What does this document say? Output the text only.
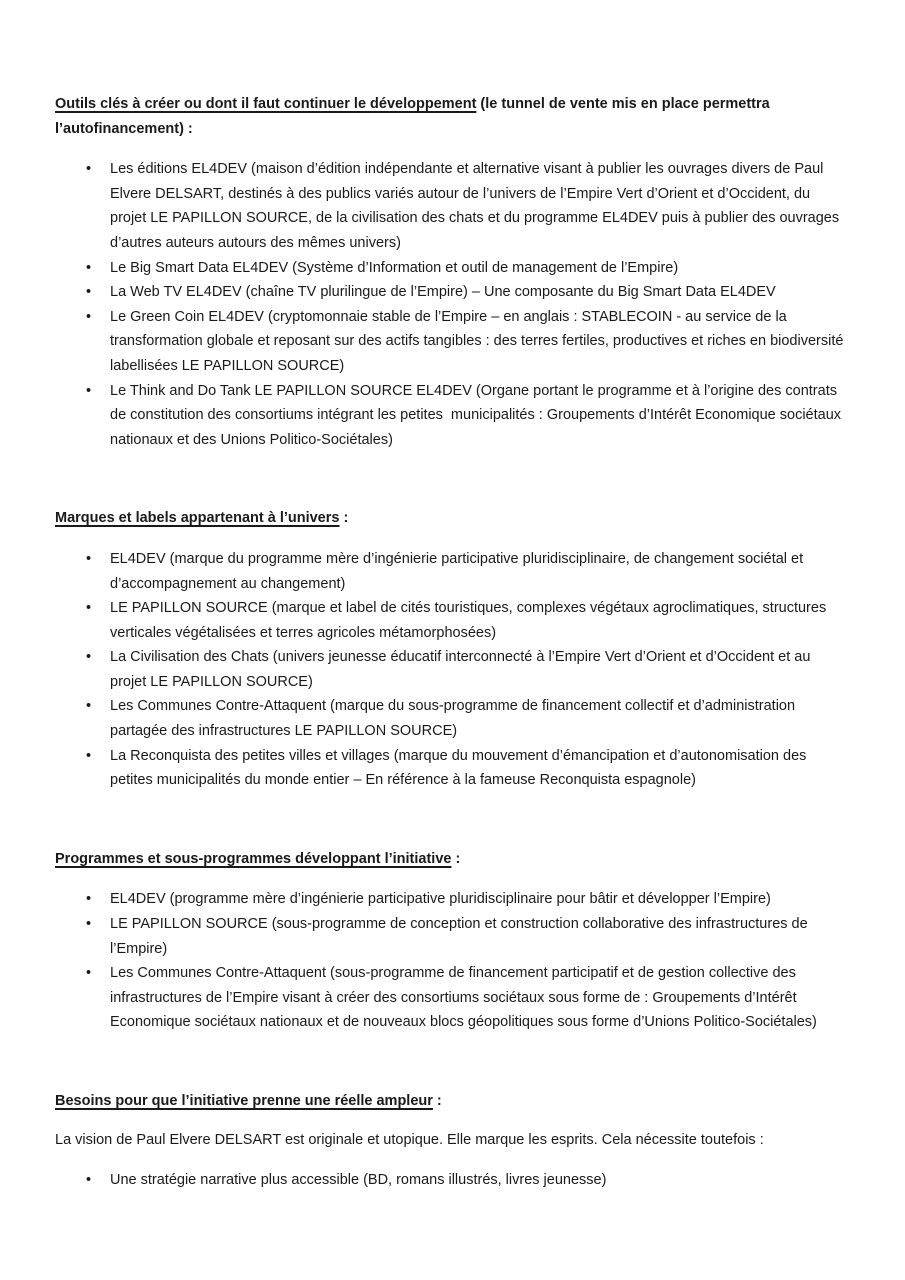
Outils clés à créer ou dont il faut continuer le développement (le tunnel de vente mis en place permettra l’autofinancement) :
•	Les éditions EL4DEV (maison d’édition indépendante et alternative visant à publier les ouvrages divers de Paul Elvere DELSART, destinés à des publics variés autour de l’univers de l’Empire Vert d’Orient et d’Occident, du projet LE PAPILLON SOURCE, de la civilisation des chats et du programme EL4DEV puis à publier des ouvrages d’autres auteurs autours des mêmes univers)
•	Le Big Smart Data EL4DEV (Système d’Information et outil de management de l’Empire)
•	La Web TV EL4DEV (chaîne TV plurilingue de l’Empire) – Une composante du Big Smart Data EL4DEV
•	Le Green Coin EL4DEV (cryptomonnaie stable de l’Empire – en anglais : STABLECOIN - au service de la transformation globale et reposant sur des actifs tangibles : des terres fertiles, productives et riches en biodiversité labellisées LE PAPILLON SOURCE)
•	Le Think and Do Tank LE PAPILLON SOURCE EL4DEV (Organe portant le programme et à l’origine des contrats de constitution des consortiums intégrant les petites  municipalités : Groupements d’Intérêt Economique sociétaux nationaux et des Unions Politico-Sociétales)
Marques et labels appartenant à l’univers :
•	EL4DEV (marque du programme mère d’ingénierie participative pluridisciplinaire, de changement sociétal et d’accompagnement au changement)
•	LE PAPILLON SOURCE (marque et label de cités touristiques, complexes végétaux agroclimatiques, structures verticales végétalisées et terres agricoles métamorphosées)
•	La Civilisation des Chats (univers jeunesse éducatif interconnecté à l’Empire Vert d’Orient et d’Occident et au projet LE PAPILLON SOURCE)
•	Les Communes Contre-Attaquent (marque du sous-programme de financement collectif et d’administration partagée des infrastructures LE PAPILLON SOURCE)
•	La Reconquista des petites villes et villages (marque du mouvement d’émancipation et d’autonomisation des petites municipalités du monde entier – En référence à la fameuse Reconquista espagnole)
Programmes et sous-programmes développant l’initiative :
•	EL4DEV (programme mère d’ingénierie participative pluridisciplinaire pour bâtir et développer l’Empire)
•	LE PAPILLON SOURCE (sous-programme de conception et construction collaborative des infrastructures de l’Empire)
•	Les Communes Contre-Attaquent (sous-programme de financement participatif et de gestion collective des infrastructures de l’Empire visant à créer des consortiums sociétaux sous forme de : Groupements d’Intérêt Economique sociétaux nationaux et de nouveaux blocs géopolitiques sous forme d’Unions Politico-Sociétales)
Besoins pour que l’initiative prenne une réelle ampleur :

La vision de Paul Elvere DELSART est originale et utopique. Elle marque les esprits. Cela nécessite toutefois :

•	Une stratégie narrative plus accessible (BD, romans illustrés, livres jeunesse)
